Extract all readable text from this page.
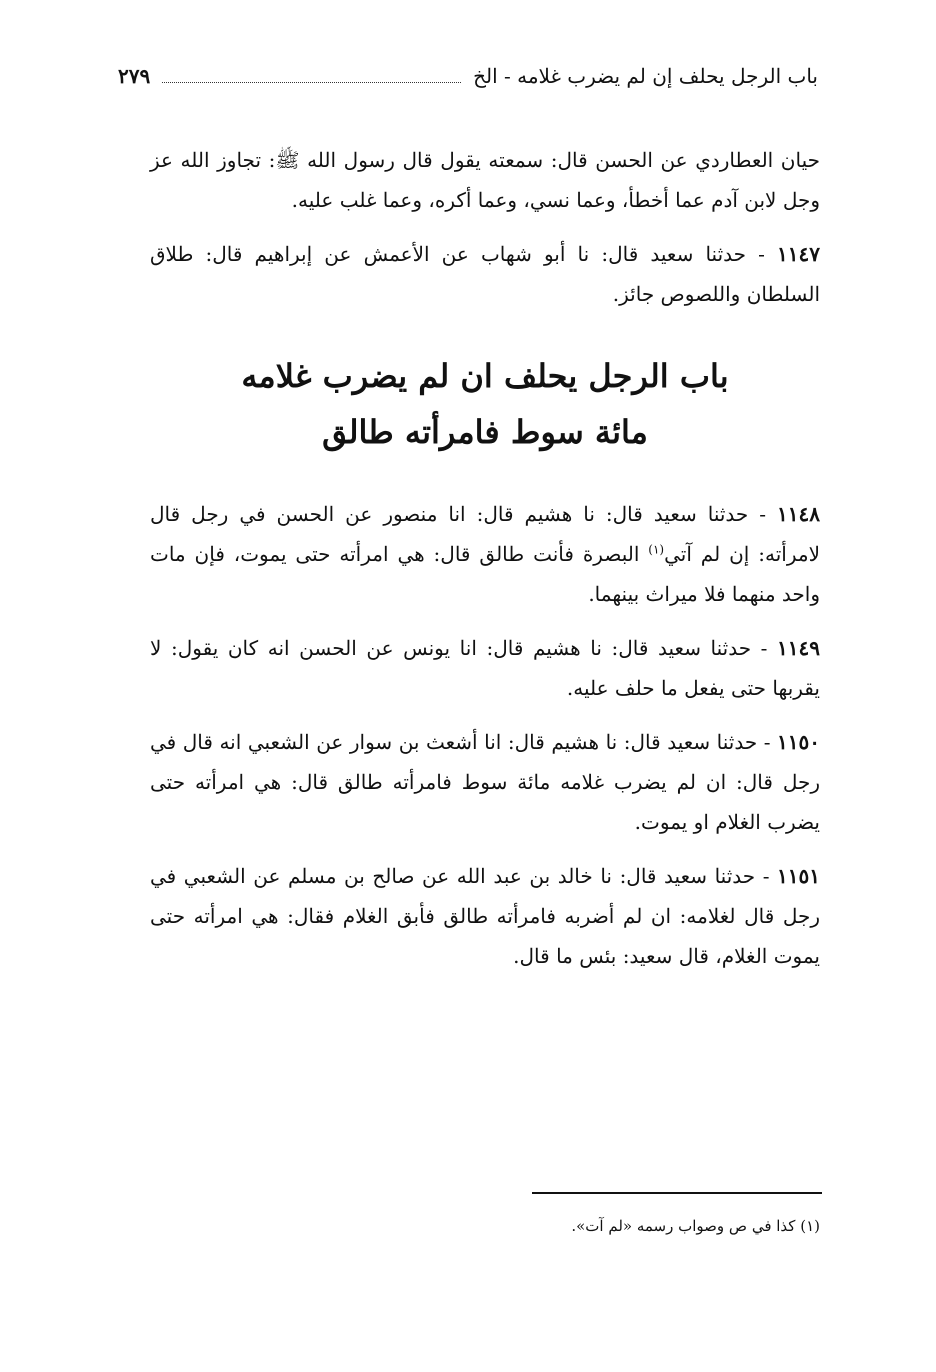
باب الرجل يحلف إن لم يضرب غلامه - الخ
٢٧٩

حيان العطاردي عن الحسن قال: سمعته يقول قال رسول الله ﷺ: تجاوز الله عز وجل لابن آدم عما أخطأ، وعما نسي، وعما أكره، وعما غلب عليه.

١١٤٧ - حدثنا سعيد قال: نا أبو شهاب عن الأعمش عن إبراهيم قال: طلاق السلطان واللصوص جائز.

باب الرجل يحلف ان لم يضرب غلامه
مائة سوط فامرأته طالق

١١٤٨ - حدثنا سعيد قال: نا هشيم قال: انا منصور عن الحسن في رجل قال لامرأته: إن لم آتي$^{(١)}$ البصرة فأنت طالق قال: هي امرأته حتى يموت، فإن مات واحد منهما فلا ميراث بينهما.

١١٤٩ - حدثنا سعيد قال: نا هشيم قال: انا يونس عن الحسن انه كان يقول: لا يقربها حتى يفعل ما حلف عليه.

١١٥٠ - حدثنا سعيد قال: نا هشيم قال: انا أشعث بن سوار عن الشعبي انه قال في رجل قال: ان لم يضرب غلامه مائة سوط فامرأته طالق قال: هي امرأته حتى يضرب الغلام او يموت.

١١٥١ - حدثنا سعيد قال: نا خالد بن عبد الله عن صالح بن مسلم عن الشعبي في رجل قال لغلامه: ان لم أضربه فامرأته طالق فأبق الغلام فقال: هي امرأته حتى يموت الغلام، قال سعيد: بئس ما قال.

(١) كذا في ص وصواب رسمه «لم آت».
